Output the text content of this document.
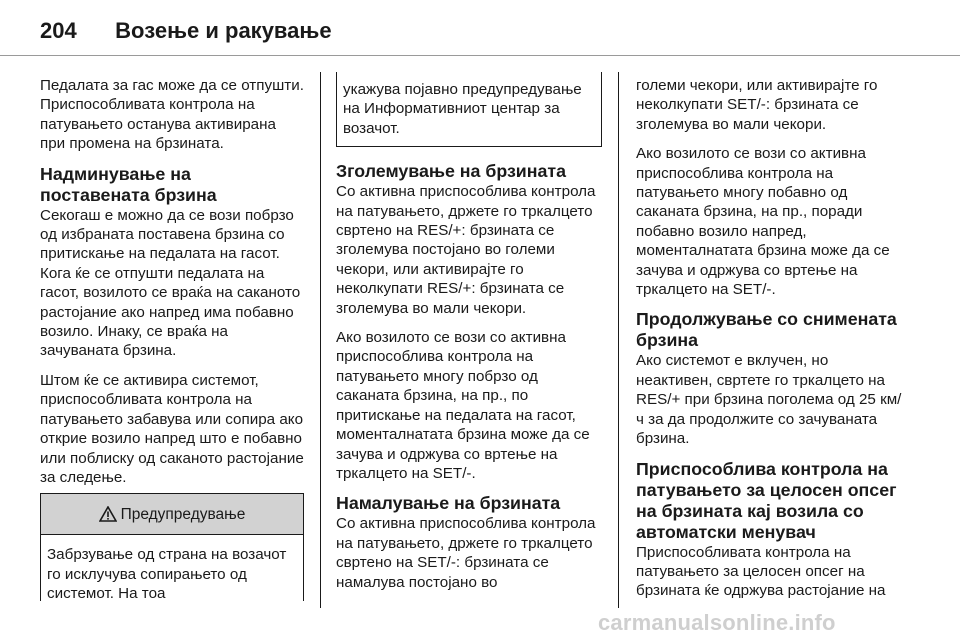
204 Возење и ракување

Педалата за гас може да се отпушти. Приспособливата контрола на патувањето останува активирана при промена на брзината.

Надминување на поставената брзина

Секогаш е можно да се вози побрзо од избраната поставена брзина со притискање на педалата на гасот. Кога ќе се отпушти педалата на гасот, возилото се враќа на саканото растојание ако напред има побавно возило. Инаку, се враќа на зачуваната брзина.

Штом ќе се активира системот, приспособливата контрола на патувањето забавува или сопира ако открие возило напред што е побавно или поблиску од саканото растојание за следење.

Предупредување
Забрзување од страна на возачот го исклучува сопирањето од системот. На тоа
укажува појавно предупредување на Информативниот центар за возачот.
Зголемување на брзината

Со активна приспособлива контрола на патувањето, држете го тркалцето свртено на RES/+: брзината се зголемува постојано во големи чекори, или активирајте го неколкупати RES/+: брзината се зголемува во мали чекори.

Ако возилото се вози со активна приспособлива контрола на патувањето многу побрзо од саканата брзина, на пр., по притискање на педалата на гасот, моменталнатата брзина може да се зачува и одржува со вртење на тркалцето на SET/-.

Намалување на брзината

Со активна приспособлива контрола на патувањето, држете го тркалцето свртено на SET/-: брзината се намалува постојано во

големи чекори, или активирајте го неколкупати SET/-: брзината се зголемува во мали чекори.

Ако возилото се вози со активна приспособлива контрола на патувањето многу побавно од саканата брзина, на пр., поради побавно возило напред, моменталнатата брзина може да се зачува и одржува со вртење на тркалцето на SET/-.

Продолжување со снимената брзина

Ако системот е вклучен, но неактивен, свртете го тркалцето на RES/+ при брзина поголема од 25 км/ч за да продолжите со зачуваната брзина.

Приспособлива контрола на патувањето за целосен опсег на брзината кај возила со автоматски менувач

Приспособливата контрола на патувањето за целосен опсег на брзината ќе одржува растојание на

carmanualsonline.info
